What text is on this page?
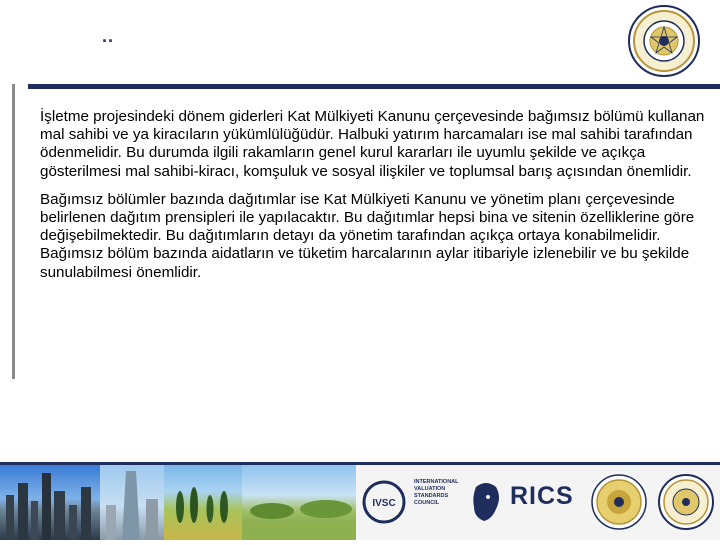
..

İşletme projesindeki dönem giderleri Kat Mülkiyeti Kanunu çerçevesinde bağımsız bölümü kullanan mal sahibi ve ya kiracıların yükümlülüğüdür. Halbuki yatırım harcamaları ise mal sahibi tarafından ödenmelidir. Bu durumda ilgili rakamların genel kurul kararları ile uyumlu şekilde ve açıkça gösterilmesi mal sahibi-kiracı, komşuluk ve sosyal ilişkiler ve toplumsal barış açısından önemlidir.

Bağımsız bölümler bazında dağıtımlar ise Kat Mülkiyeti Kanunu ve yönetim planı çerçevesinde belirlenen dağıtım prensipleri ile yapılacaktır. Bu dağıtımlar hepsi bina ve sitenin özelliklerine göre değişebilmektedir. Bu dağıtımların detayı da yönetim tarafından açıkça ortaya konabilmelidir. Bağımsız bölüm bazında aidatların ve tüketim harcalarının aylar itibariyle izlenebilir ve bu şekilde sunulabilmesi önemlidir.

IVSC
INTERNATIONAL
VALUATION
STANDARDS
COUNCIL	RICS
